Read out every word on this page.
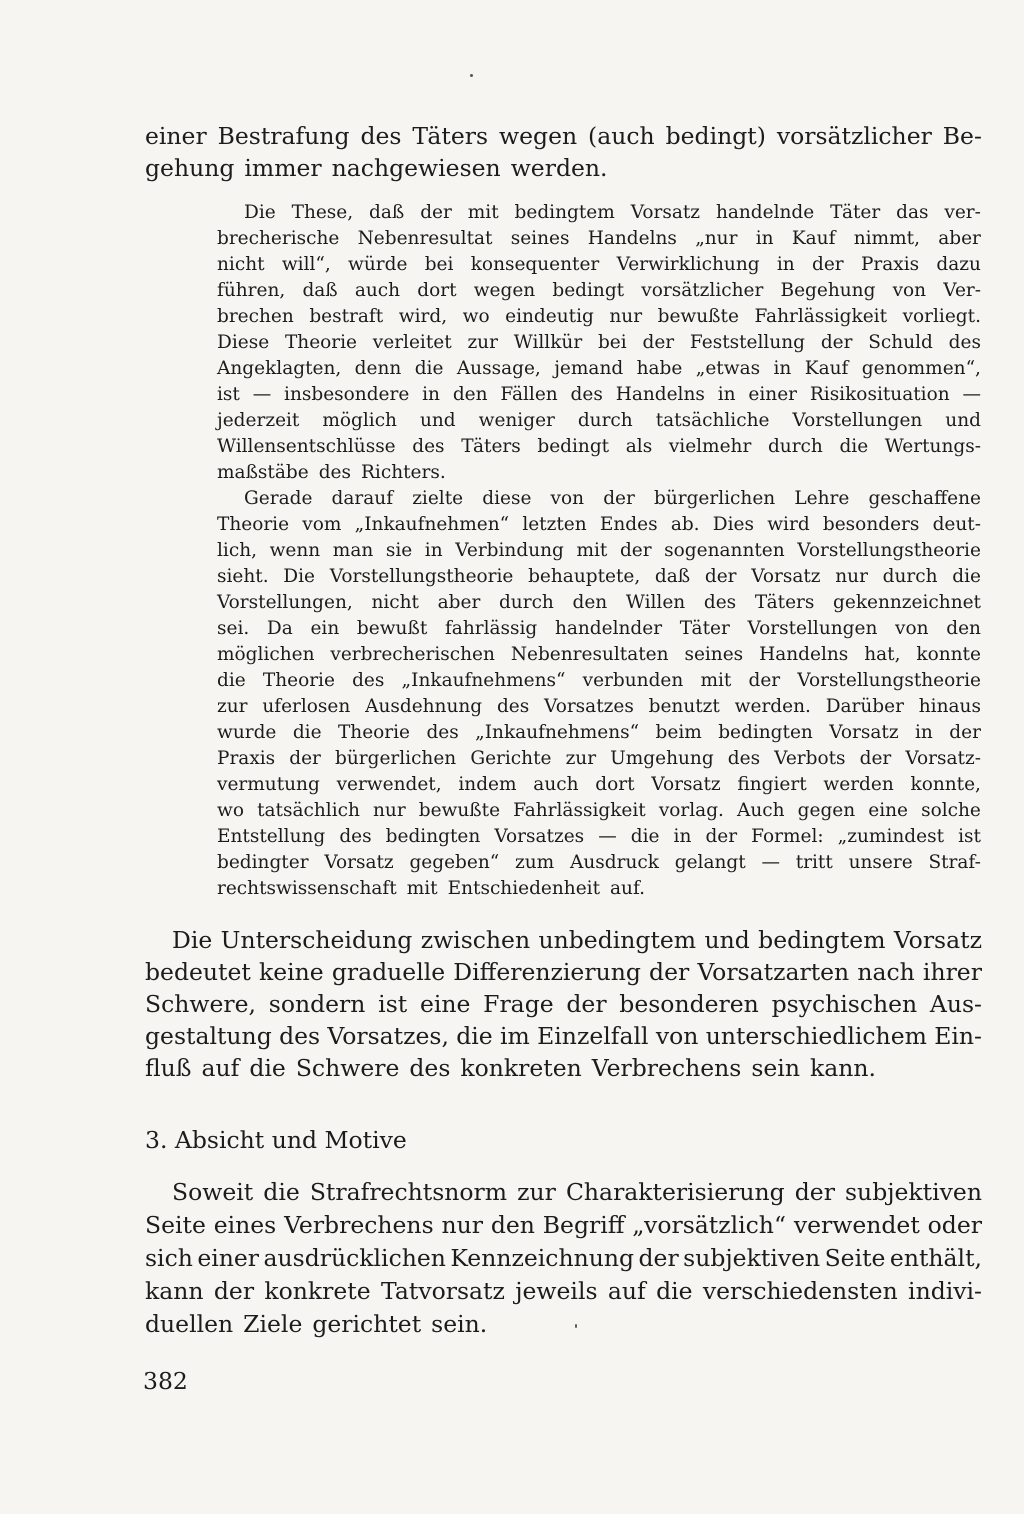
einer Bestrafung des Täters wegen (auch bedingt) vorsätzlicher Be-
gehung immer nachgewiesen werden.
Die These, daß der mit bedingtem Vorsatz handelnde Täter das ver-
brecherische Nebenresultat seines Handelns „nur in Kauf nimmt, aber
nicht will“, würde bei konsequenter Verwirklichung in der Praxis dazu
führen, daß auch dort wegen bedingt vorsätzlicher Begehung von Ver-
brechen bestraft wird, wo eindeutig nur bewußte Fahrlässigkeit vorliegt.
Diese Theorie verleitet zur Willkür bei der Feststellung der Schuld des
Angeklagten, denn die Aussage, jemand habe „etwas in Kauf genommen“,
ist — insbesondere in den Fällen des Handelns in einer Risikosituation —
jederzeit möglich und weniger durch tatsächliche Vorstellungen und
Willensentschlüsse des Täters bedingt als vielmehr durch die Wertungs-
maßstäbe des Richters.
Gerade darauf zielte diese von der bürgerlichen Lehre geschaffene
Theorie vom „Inkaufnehmen“ letzten Endes ab. Dies wird besonders deut-
lich, wenn man sie in Verbindung mit der sogenannten Vorstellungstheorie
sieht. Die Vorstellungstheorie behauptete, daß der Vorsatz nur durch die
Vorstellungen, nicht aber durch den Willen des Täters gekennzeichnet
sei. Da ein bewußt fahrlässig handelnder Täter Vorstellungen von den
möglichen verbrecherischen Nebenresultaten seines Handelns hat, konnte
die Theorie des „Inkaufnehmens“ verbunden mit der Vorstellungstheorie
zur uferlosen Ausdehnung des Vorsatzes benutzt werden. Darüber hinaus
wurde die Theorie des „Inkaufnehmens“ beim bedingten Vorsatz in der
Praxis der bürgerlichen Gerichte zur Umgehung des Verbots der Vorsatz-
vermutung verwendet, indem auch dort Vorsatz fingiert werden konnte,
wo tatsächlich nur bewußte Fahrlässigkeit vorlag. Auch gegen eine solche
Entstellung des bedingten Vorsatzes — die in der Formel: „zumindest ist
bedingter Vorsatz gegeben“ zum Ausdruck gelangt — tritt unsere Straf-
rechtswissenschaft mit Entschiedenheit auf.
Die Unterscheidung zwischen unbedingtem und bedingtem Vorsatz
bedeutet keine graduelle Differenzierung der Vorsatzarten nach ihrer
Schwere, sondern ist eine Frage der besonderen psychischen Aus-
gestaltung des Vorsatzes, die im Einzelfall von unterschiedlichem Ein-
fluß auf die Schwere des konkreten Verbrechens sein kann.
3. Absicht und Motive
Soweit die Strafrechtsnorm zur Charakterisierung der subjektiven
Seite eines Verbrechens nur den Begriff „vorsätzlich“ verwendet oder
sich einer ausdrücklichen Kennzeichnung der subjektiven Seite enthält,
kann der konkrete Tatvorsatz jeweils auf die verschiedensten indivi-
duellen Ziele gerichtet sein.
382
